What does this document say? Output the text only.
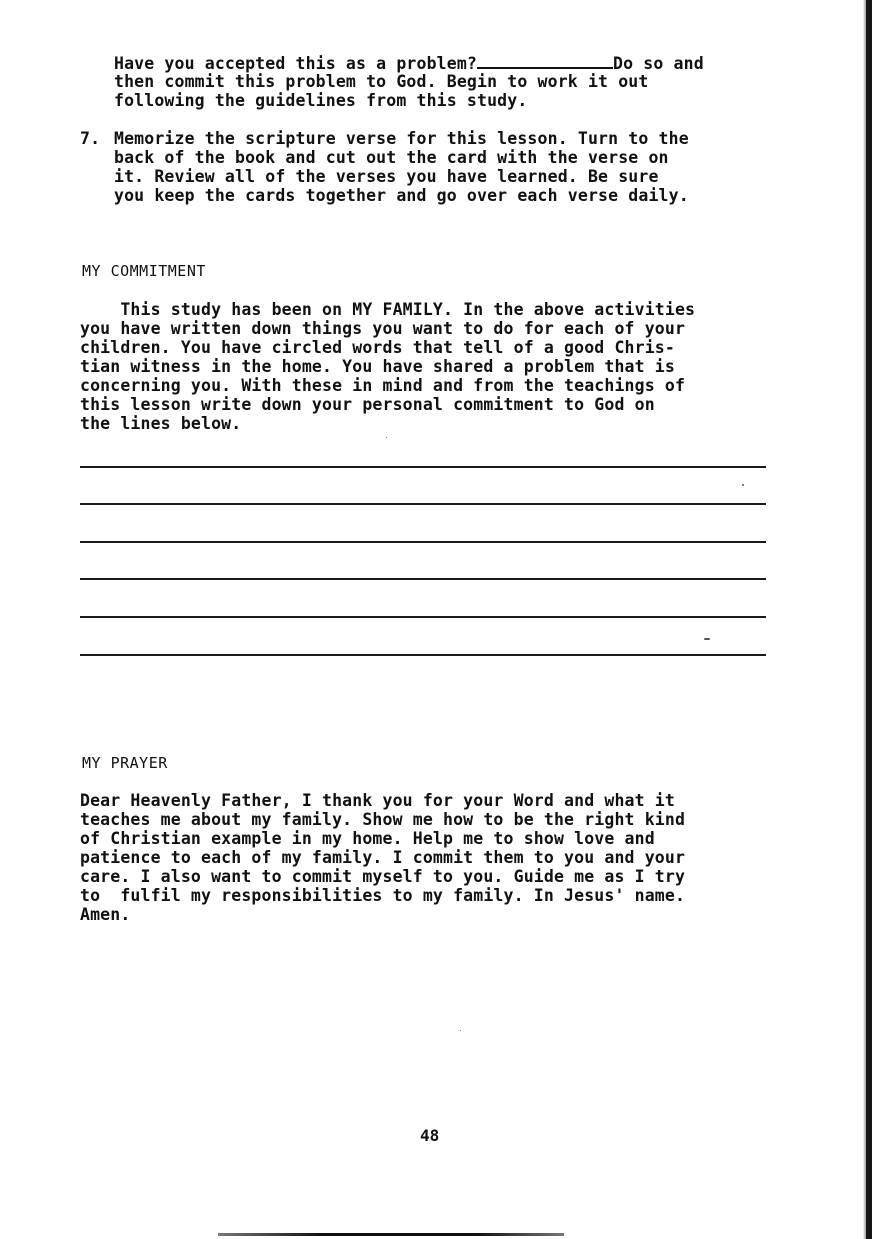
Have you accepted this as a problem?	Do so and

then commit this problem to God. Begin to work it out

following the guidelines from this study.

7. Memorize the scripture verse for this lesson. Turn to the

back of the book and cut out the card with the verse on

it. Review all of the verses you have learned. Be sure

you keep the cards together and go over each verse daily.

MY COMMITMENT

This study has been on MY FAMILY. In the above activities

you have written down things you want to do for each of your

children. You have circled words that tell of a good Chris-

tian witness in the home. You have shared a problem that is

concerning you. With these in mind and from the teachings of

this lesson write down your personal commitment to God on

the lines below.

MY PRAYER

Dear Heavenly Father, I thank you for your Word and what it

teaches me about my family. Show me how to be the right kind

of Christian example in my home. Help me to show love and

patience to each of my family. I commit them to you and your

care. I also want to commit myself to you. Guide me as I try

to  fulfil my responsibilities to my family. In Jesus' name.

Amen.

48
